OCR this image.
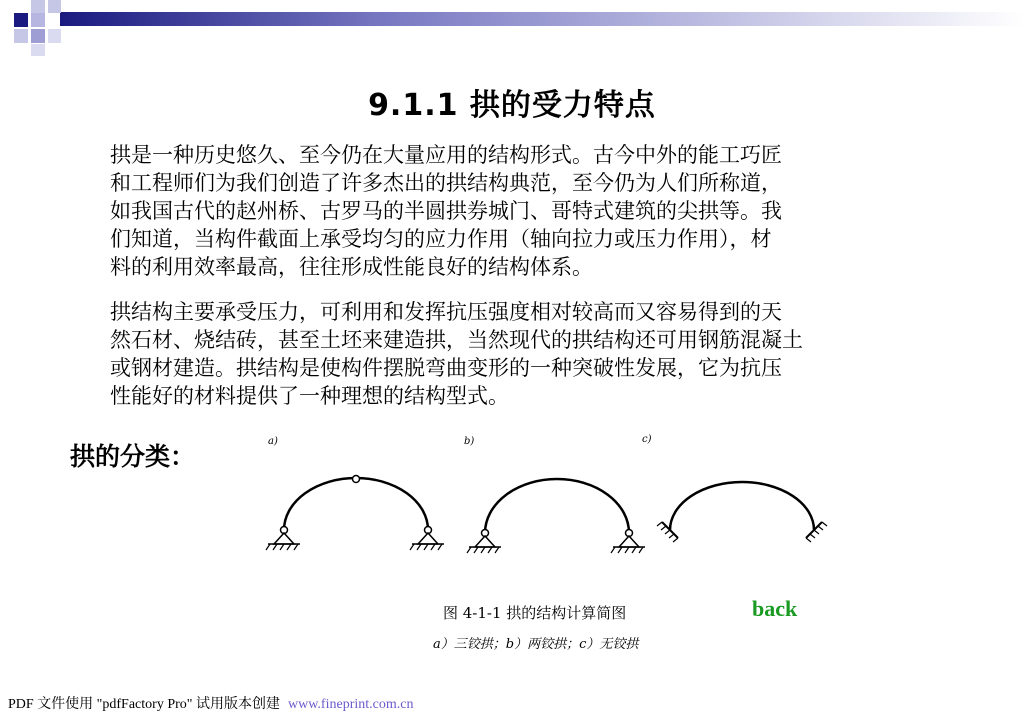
9.1.1 拱的受力特点
拱是一种历史悠久、至今仍在大量应用的结构形式。古今中外的能工巧匠
和工程师们为我们创造了许多杰出的拱结构典范，至今仍为人们所称道，
如我国古代的赵州桥、古罗马的半圆拱券城门、哥特式建筑的尖拱等。我
们知道，当构件截面上承受均匀的应力作用（轴向拉力或压力作用），材
料的利用效率最高，往往形成性能良好的结构体系。
拱结构主要承受压力，可利用和发挥抗压强度相对较高而又容易得到的天
然石材、烧结砖，甚至土坯来建造拱，当然现代的拱结构还可用钢筋混凝土
或钢材建造。拱结构是使构件摆脱弯曲变形的一种突破性发展，它为抗压
性能好的材料提供了一种理想的结构型式。
拱的分类：
a)	b)	c)
图 4-1-1 拱的结构计算简图
a）三铰拱；b）两铰拱；c）无铰拱
back
PDF 文件使用 "pdfFactory Pro" 试用版本创建 www.fineprint.com.cn
